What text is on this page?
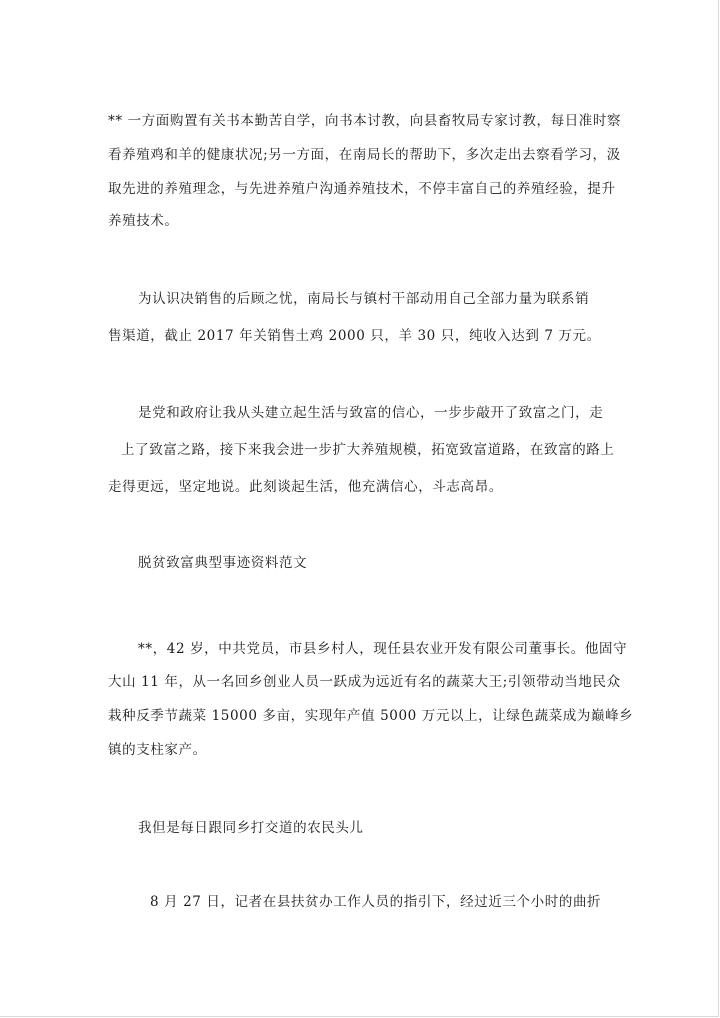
** 一方面购置有关书本勤苦自学，向书本讨教，向县畜牧局专家讨教，每日准时察
看养殖鸡和羊的健康状况;另一方面，在南局长的帮助下，多次走出去察看学习，汲
取先进的养殖理念，与先进养殖户沟通养殖技术，不停丰富自己的养殖经验，提升
养殖技术。
为认识决销售的后顾之忧，南局长与镇村干部动用自己全部力量为联系销
售渠道，截止 2017 年关销售土鸡 2000 只，羊 30 只，纯收入达到 7 万元。
是党和政府让我从头建立起生活与致富的信心，一步步敲开了致富之门，走
上了致富之路，接下来我会进一步扩大养殖规模，拓宽致富道路，在致富的路上
走得更远，坚定地说。此刻谈起生活，他充满信心，斗志高昂。
脱贫致富典型事迹资料范文
**，42 岁，中共党员，市县乡村人，现任县农业开发有限公司董事长。他固守
大山 11 年，从一名回乡创业人员一跃成为远近有名的蔬菜大王;引领带动当地民众
栽种反季节蔬菜 15000 多亩，实现年产值 5000 万元以上，让绿色蔬菜成为巅峰乡
镇的支柱家产。
我但是每日跟同乡打交道的农民头儿
8 月 27 日，记者在县扶贫办工作人员的指引下，经过近三个小时的曲折
